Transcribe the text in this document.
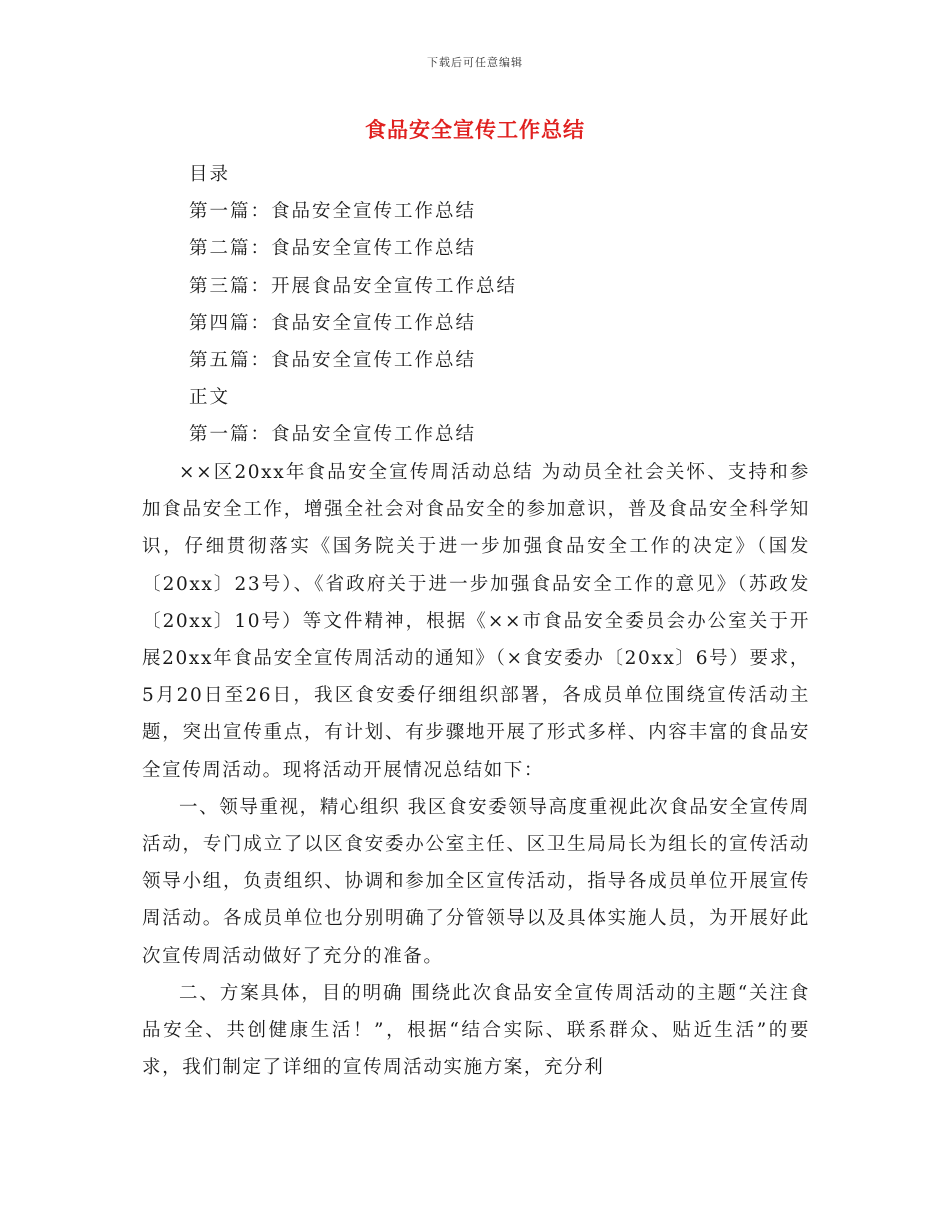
下载后可任意编辑
食品安全宣传工作总结
目录
第一篇：食品安全宣传工作总结
第二篇：食品安全宣传工作总结
第三篇：开展食品安全宣传工作总结
第四篇：食品安全宣传工作总结
第五篇：食品安全宣传工作总结
正文
第一篇：食品安全宣传工作总结

××区20xx年食品安全宣传周活动总结 为动员全社会关怀、支持和参加食品安全工作，增强全社会对食品安全的参加意识，普及食品安全科学知识，仔细贯彻落实《国务院关于进一步加强食品安全工作的决定》（国发〔20xx〕23号）、《省政府关于进一步加强食品安全工作的意见》（苏政发〔20xx〕10号）等文件精神，根据《××市食品安全委员会办公室关于开展20xx年食品安全宣传周活动的通知》（×食安委办〔20xx〕6号）要求，5月20日至26日，我区食安委仔细组织部署，各成员单位围绕宣传活动主题，突出宣传重点，有计划、有步骤地开展了形式多样、内容丰富的食品安全宣传周活动。现将活动开展情况总结如下：

一、领导重视，精心组织 我区食安委领导高度重视此次食品安全宣传周活动，专门成立了以区食安委办公室主任、区卫生局局长为组长的宣传活动领导小组，负责组织、协调和参加全区宣传活动，指导各成员单位开展宣传周活动。各成员单位也分别明确了分管领导以及具体实施人员，为开展好此次宣传周活动做好了充分的准备。

二、方案具体，目的明确 围绕此次食品安全宣传周活动的主题“关注食品安全、共创健康生活！”，根据“结合实际、联系群众、贴近生活”的要求，我们制定了详细的宣传周活动实施方案，充分利
